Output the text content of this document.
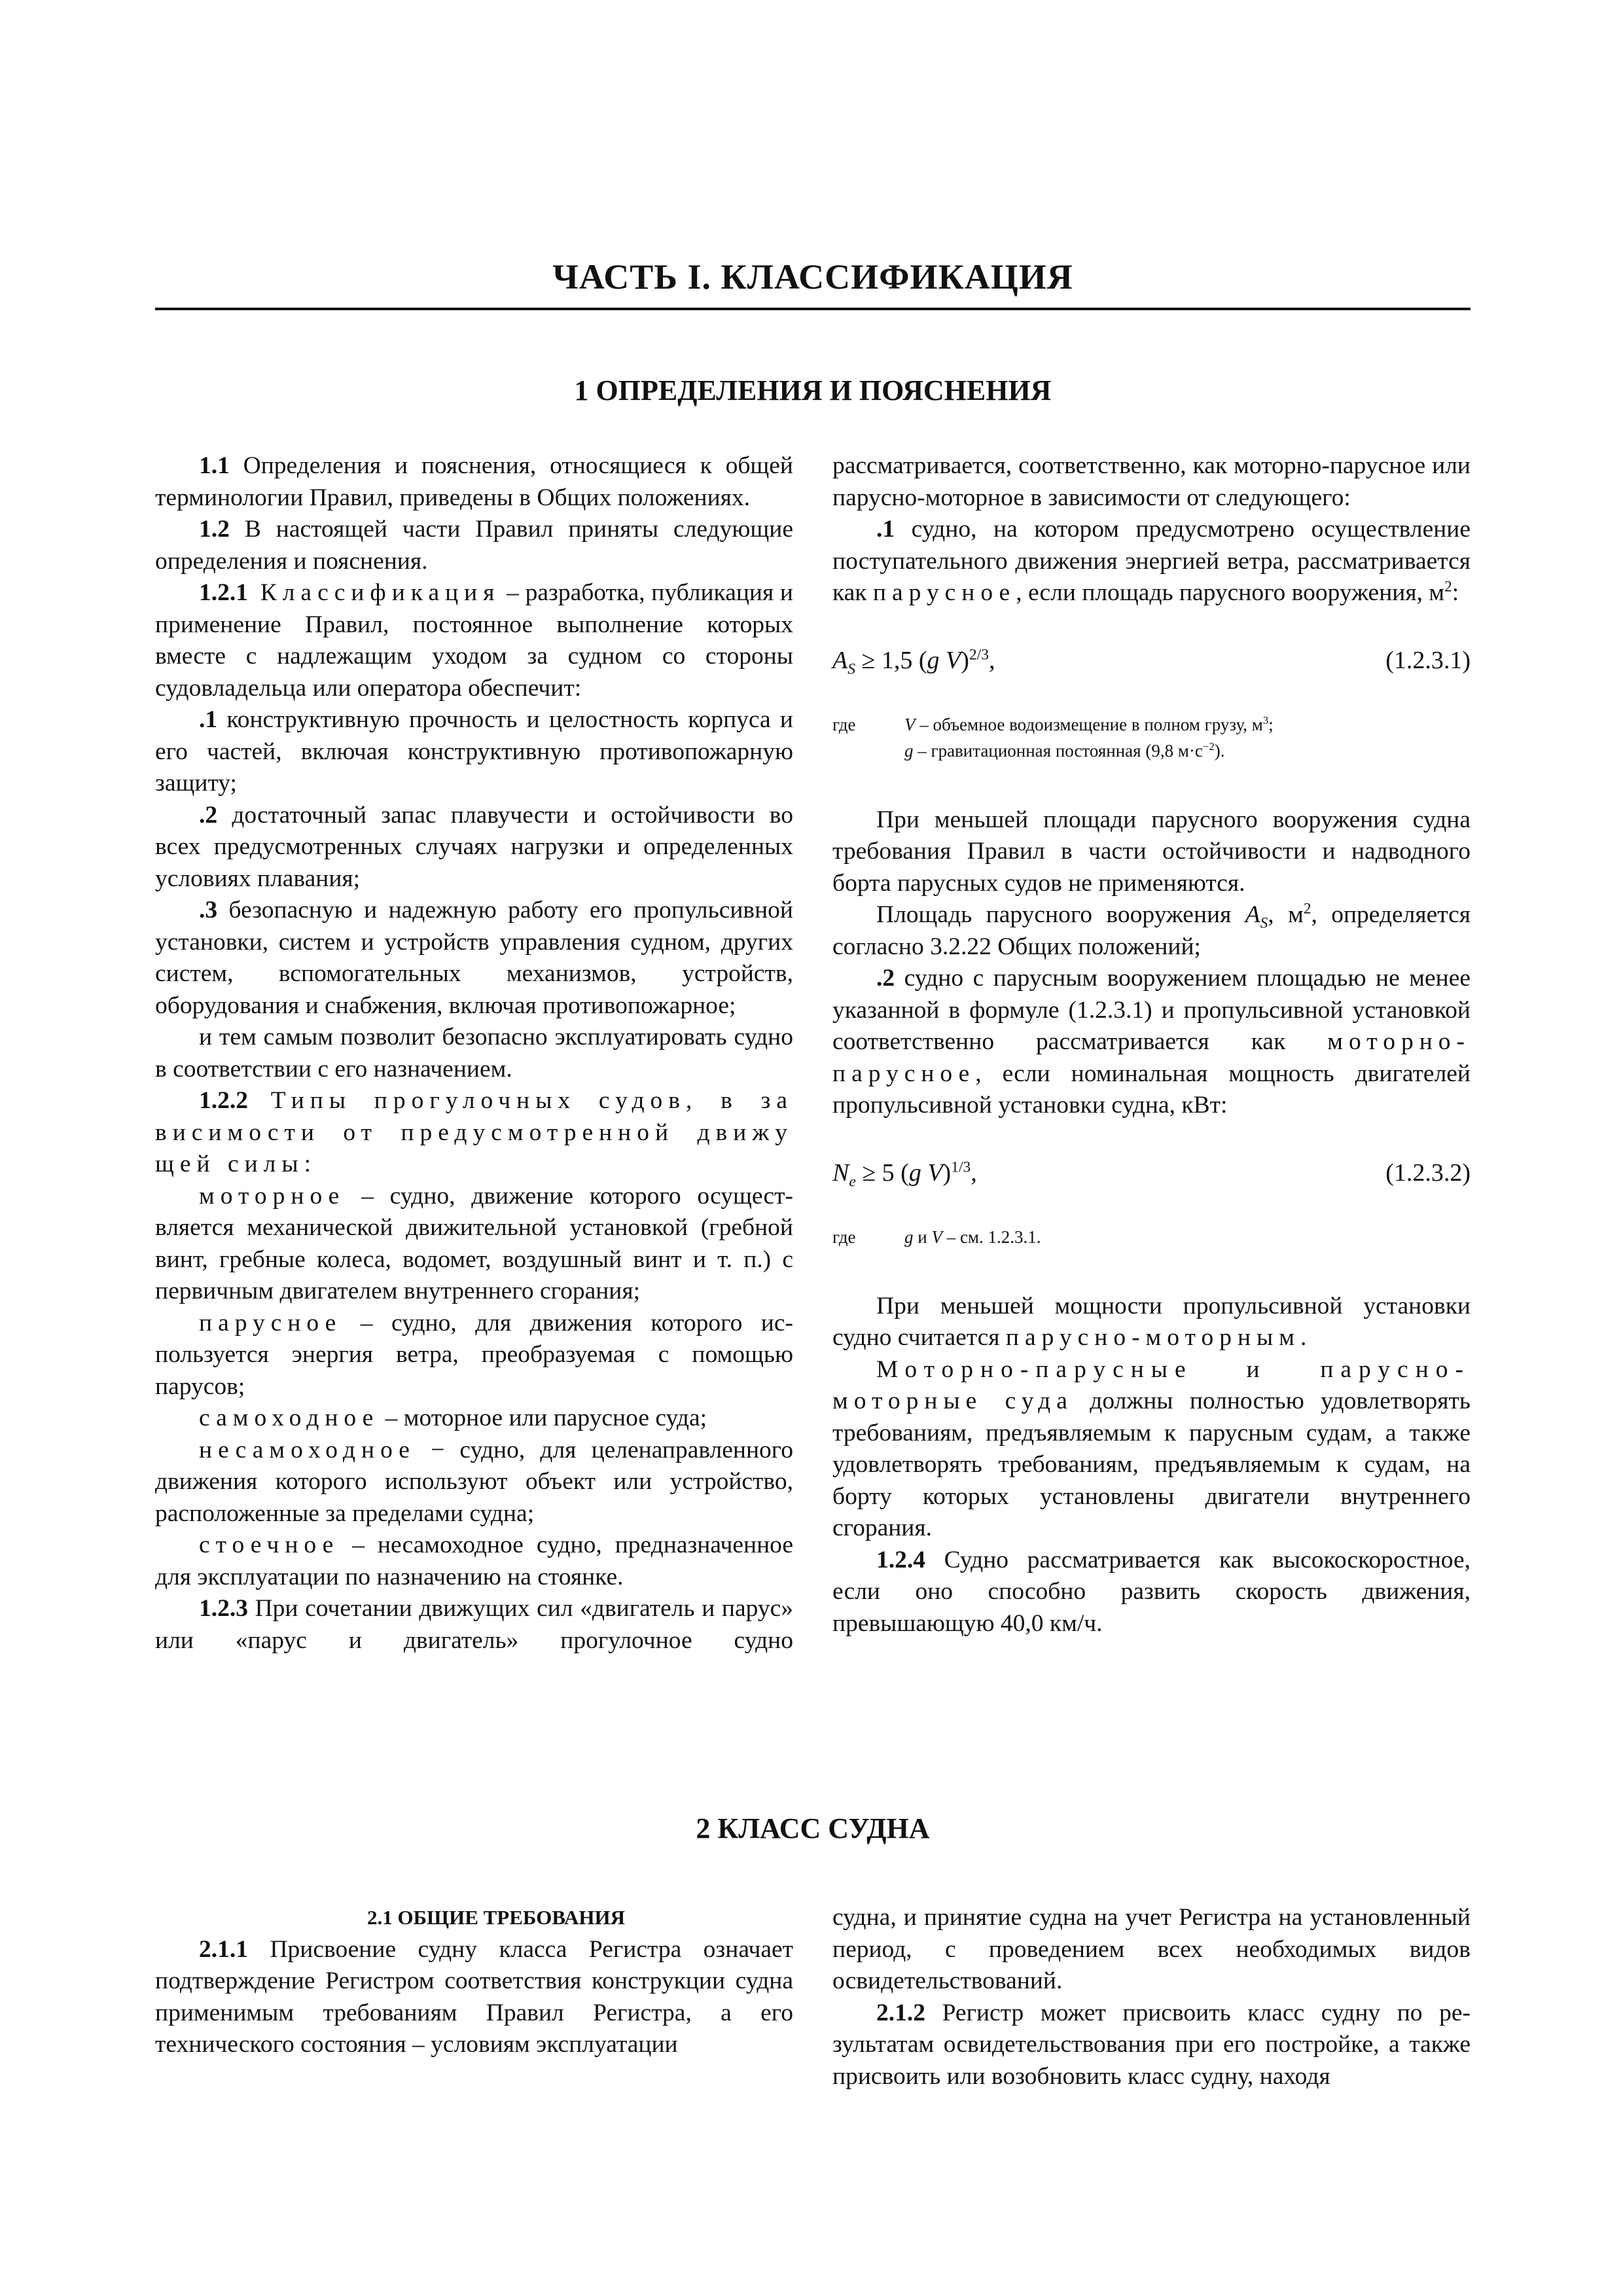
ЧАСТЬ I. КЛАССИФИКАЦИЯ
1 ОПРЕДЕЛЕНИЯ И ПОЯСНЕНИЯ

1.1 Определения и пояснения, относящиеся к общей терминологии Правил, приведены в Общих положениях.

1.2 В настоящей части Правил приняты следующие определения и пояснения.

1.2.1 Классификация – разработка, публикация и применение Правил, постоянное выполнение которых вместе с надлежащим уходом за судном со стороны судовладельца или оператора обеспечит:

.1 конструктивную прочность и целостность корпуса и его частей, включая конструктивную противопожарную защиту;

.2 достаточный запас плавучести и остойчивости во всех предусмотренных случаях нагрузки и определенных условиях плавания;

.3 безопасную и надежную работу его пропульсивной установки, систем и устройств управления судном, других систем, вспомогательных механизмов, устройств, оборудования и снабжения, включая противопожарное;

и тем самым позволит безопасно эксплуатировать судно в соответствии с его назначением.

1.2.2 Типы прогулочных судов, в за

висимости от предусмотренной движу

щей силы:

моторное – судно, движение которого осуществляется механической движительной установкой (гребной винт, гребные колеса, водомет, воздушный винт и т. п.) с первичным двигателем внутреннего сгорания;

парусное – судно, для движения которого используется энергия ветра, преобразуемая с помощью парусов;

самоходное – моторное или парусное суда;

несамоходное − судно, для целенаправленного движения которого используют объект или устройство, расположенные за пределами судна;

стоечное – несамоходное судно, предназначенное для эксплуатации по назначению на стоянке.

1.2.3 При сочетании движущих сил «двигатель и парус» или «парус и двигатель» прогулочное судно

рассматривается, соответственно, как моторно-парусное или парусно-моторное в зависимости от следующего:

.1 судно, на котором предусмотрено осуществление поступательного движения энергией ветра, рассматривается как парусное, если площадь парусного вооружения, $м^2$:

$A_S \ge 1,5$ (g V)$^{2/3}$,	(1.2.3.1)
где	V – объемное водоизмещение в полном грузу, $м^3$;
g – гравитационная постоянная (9,8 $м\cdot с^{-2}$).

При меньшей площади парусного вооружения судна требования Правил в части остойчивости и надводного борта парусных судов не применяются.

Площадь парусного вооружения $A_S$, $м^2$, определяется согласно 3.2.22 Общих положений;

.2 судно с парусным вооружением площадью не менее указанной в формуле (1.2.3.1) и пропульсивной установкой соответственно рассматривается как моторно-парусное, если номинальная мощность двигателей пропульсивной установки судна, кВт:

$N_e \ge 5$ (g V)$^{1/3}$,	(1.2.3.2)
где	g и V – см. 1.2.3.1.

При меньшей мощности пропульсивной установки судно считается парусно-моторным.

Моторно-парусные и парусно-моторные суда должны полностью удовлетворять требованиям, предъявляемым к парусным судам, а также удовлетворять требованиям, предъявляемым к судам, на борту которых установлены двигатели внутреннего сгорания.

1.2.4 Судно рассматривается как высокоскоростное, если оно способно развить скорость движения, превышающую 40,0 км/ч.

2 КЛАСС СУДНА

2.1 ОБЩИЕ ТРЕБОВАНИЯ

2.1.1 Присвоение судну класса Регистра означает подтверждение Регистром соответствия конструкции судна применимым требованиям Правил Регистра, а его технического состояния – условиям эксплуатации

судна, и принятие судна на учет Регистра на установленный период, с проведением всех необходимых видов освидетельствований.

2.1.2 Регистр может присвоить класс судну по результатам освидетельствования при его постройке, а также присвоить или возобновить класс судну, находя
